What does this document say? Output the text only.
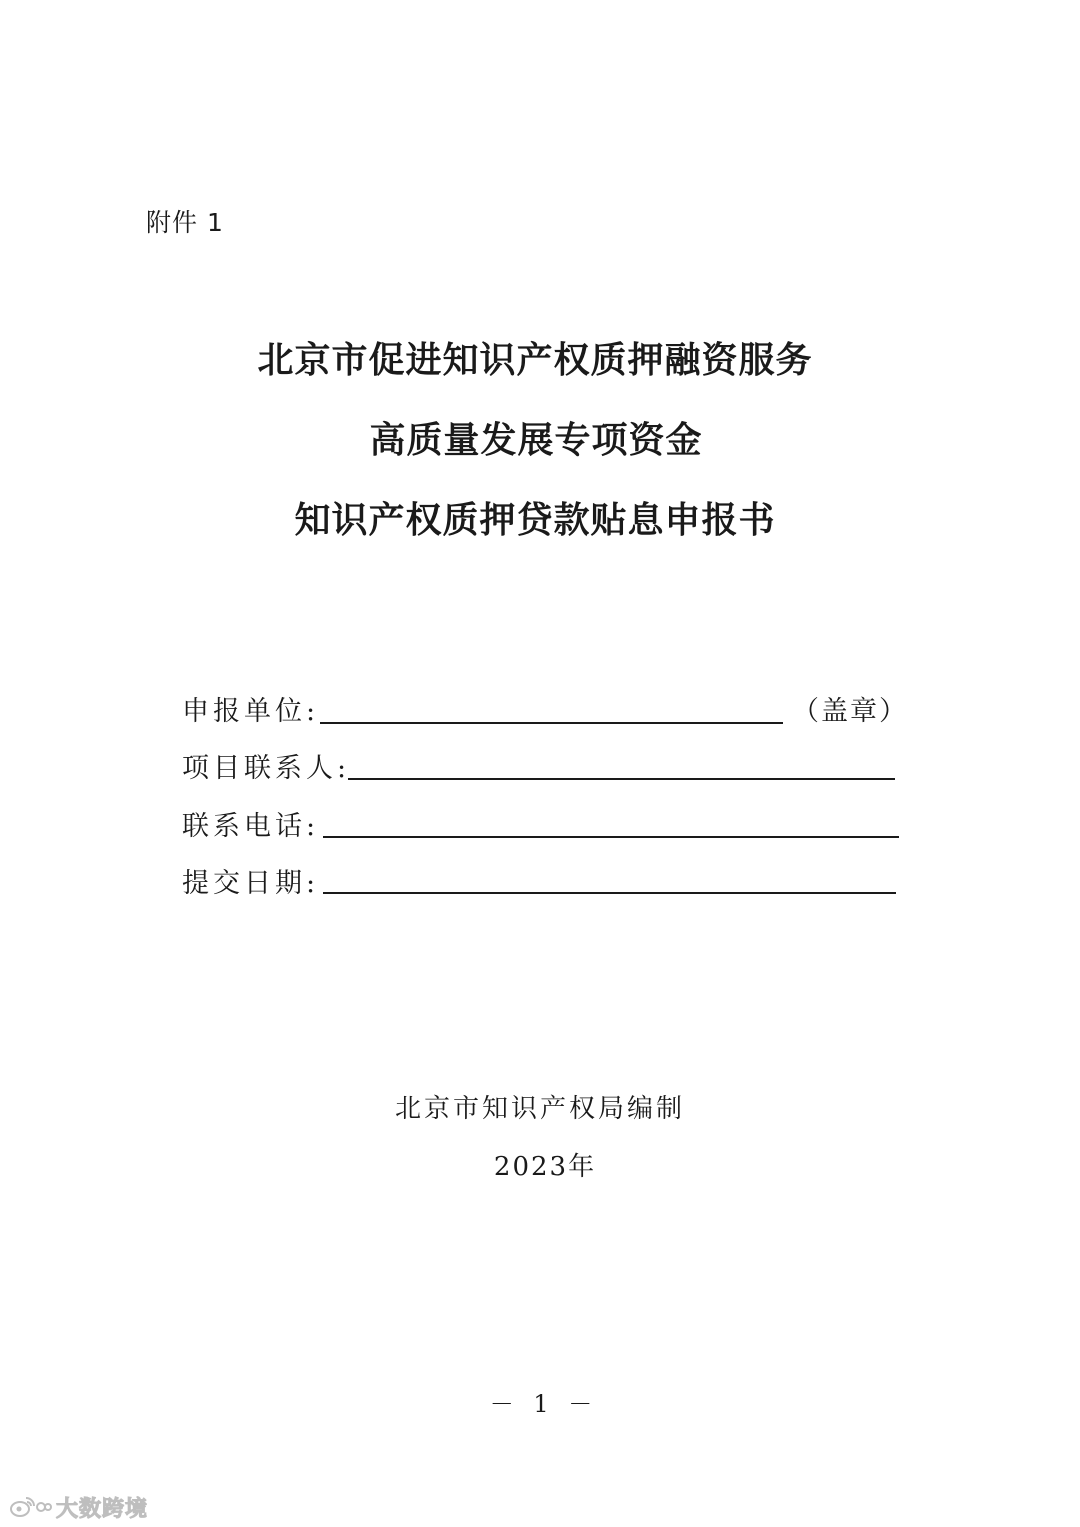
附件 1
北京市促进知识产权质押融资服务
高质量发展专项资金
知识产权质押贷款贴息申报书
申报单位:	（盖章）
项目联系人:
联系电话:
提交日期:
北京市知识产权局编制
2023年
－ 1 －
大数跨境
